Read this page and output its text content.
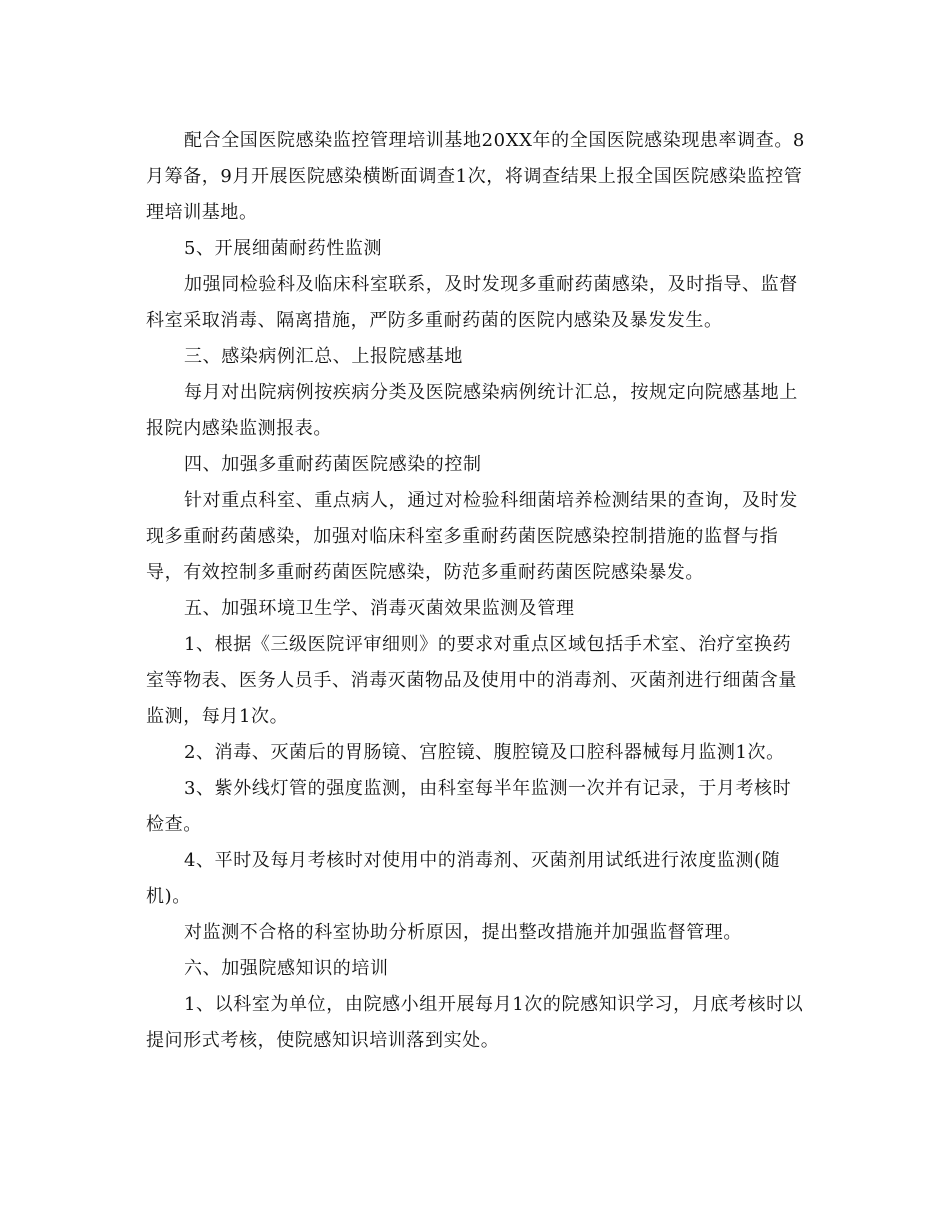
配合全国医院感染监控管理培训基地20XX年的全国医院感染现患率调查。8月筹备，9月开展医院感染横断面调查1次，将调查结果上报全国医院感染监控管理培训基地。

5、开展细菌耐药性监测

加强同检验科及临床科室联系，及时发现多重耐药菌感染，及时指导、监督科室采取消毒、隔离措施，严防多重耐药菌的医院内感染及暴发发生。

三、感染病例汇总、上报院感基地

每月对出院病例按疾病分类及医院感染病例统计汇总，按规定向院感基地上报院内感染监测报表。

四、加强多重耐药菌医院感染的控制

针对重点科室、重点病人，通过对检验科细菌培养检测结果的查询，及时发现多重耐药菌感染，加强对临床科室多重耐药菌医院感染控制措施的监督与指导，有效控制多重耐药菌医院感染，防范多重耐药菌医院感染暴发。

五、加强环境卫生学、消毒灭菌效果监测及管理

1、根据《三级医院评审细则》的要求对重点区域包括手术室、治疗室换药室等物表、医务人员手、消毒灭菌物品及使用中的消毒剂、灭菌剂进行细菌含量监测，每月1次。

2、消毒、灭菌后的胃肠镜、宫腔镜、腹腔镜及口腔科器械每月监测1次。

3、紫外线灯管的强度监测，由科室每半年监测一次并有记录，于月考核时检查。

4、平时及每月考核时对使用中的消毒剂、灭菌剂用试纸进行浓度监测(随机)。

对监测不合格的科室协助分析原因，提出整改措施并加强监督管理。

六、加强院感知识的培训

1、以科室为单位，由院感小组开展每月1次的院感知识学习，月底考核时以提问形式考核，使院感知识培训落到实处。
